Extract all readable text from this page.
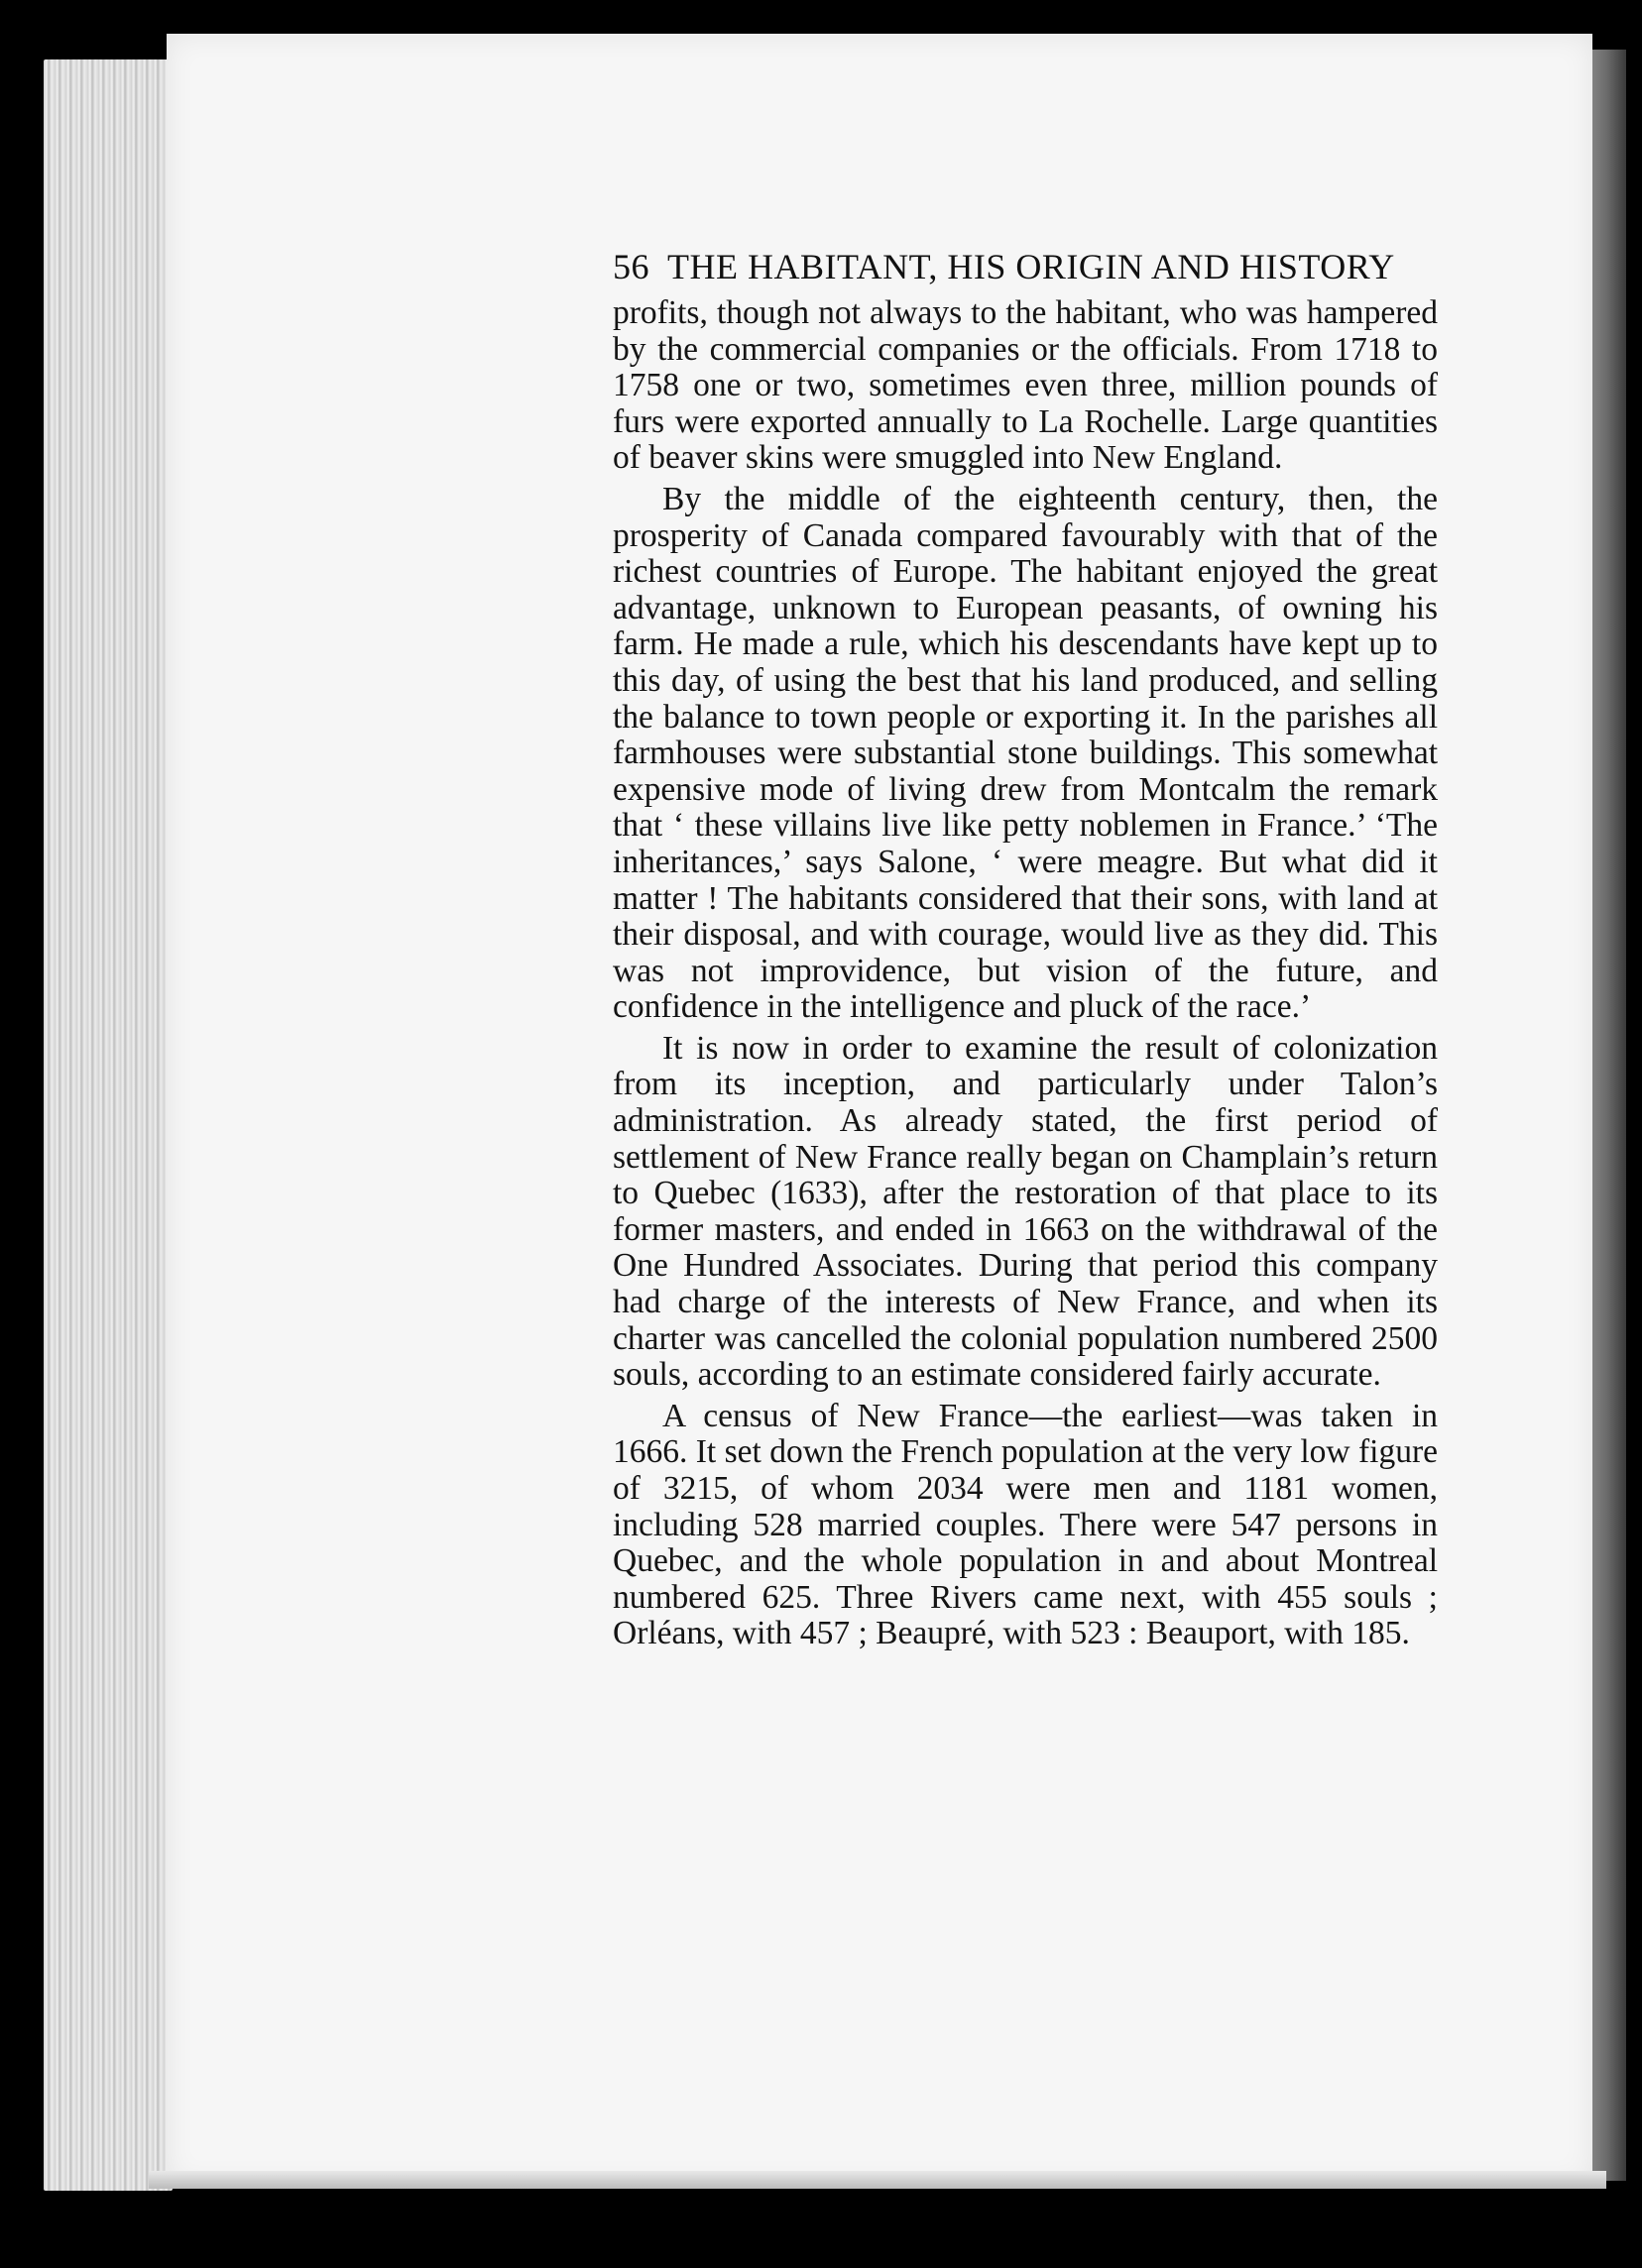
56 THE HABITANT, HIS ORIGIN AND HISTORY

profits, though not always to the habitant, who was hampered by the commercial companies or the officials. From 1718 to 1758 one or two, sometimes even three, million pounds of furs were exported annually to La Rochelle. Large quantities of beaver skins were smuggled into New England.

By the middle of the eighteenth century, then, the prosperity of Canada compared favourably with that of the richest countries of Europe. The habitant enjoyed the great advantage, unknown to European peasants, of owning his farm. He made a rule, which his descendants have kept up to this day, of using the best that his land produced, and selling the balance to town people or exporting it. In the parishes all farmhouses were substantial stone buildings. This somewhat expensive mode of living drew from Montcalm the remark that ‘ these villains live like petty noblemen in France.’ ‘The inheritances,’ says Salone, ‘ were meagre. But what did it matter ! The habitants considered that their sons, with land at their disposal, and with courage, would live as they did. This was not improvidence, but vision of the future, and confidence in the intelligence and pluck of the race.’

It is now in order to examine the result of colonization from its inception, and particularly under Talon’s administration. As already stated, the first period of settlement of New France really began on Champlain’s return to Quebec (1633), after the restoration of that place to its former masters, and ended in 1663 on the withdrawal of the One Hundred Associates. During that period this company had charge of the interests of New France, and when its charter was cancelled the colonial population numbered 2500 souls, according to an estimate considered fairly accurate.

A census of New France—the earliest—was taken in 1666. It set down the French population at the very low figure of 3215, of whom 2034 were men and 1181 women, including 528 married couples. There were 547 persons in Quebec, and the whole population in and about Montreal numbered 625. Three Rivers came next, with 455 souls ; Orléans, with 457 ; Beaupré, with 523 : Beauport, with 185.
